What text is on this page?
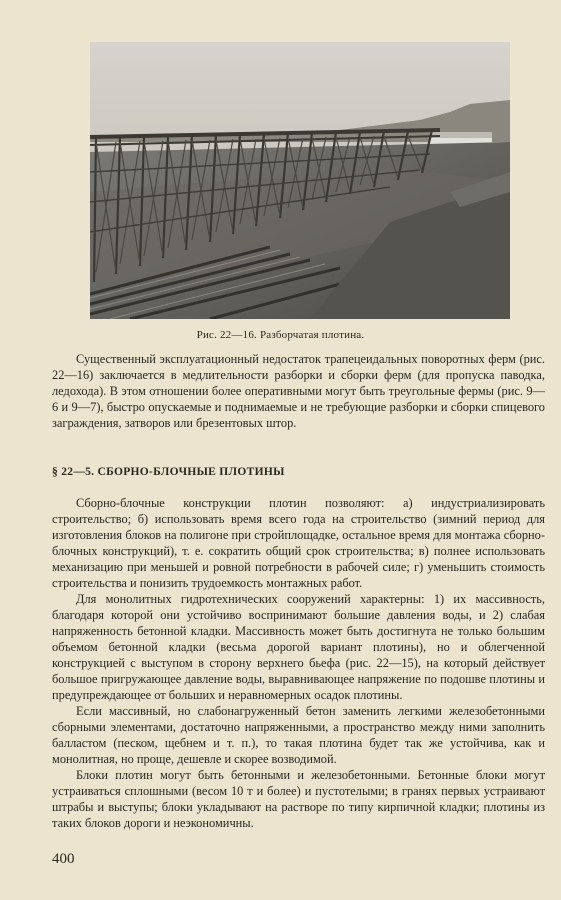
Рис. 22—16. Разборчатая плотина.

Существенный эксплуатационный недостаток трапецеидальных поворотных ферм (рис. 22—16) заключается в медлительности разборки и сборки ферм (для пропуска паводка, ледохода). В этом отношении более оперативными могут быть треугольные фермы (рис. 9—6 и 9—7), быстро опускаемые и поднимаемые и не требующие разборки и сборки спицевого заграждения, затворов или брезентовых штор.

§ 22—5. СБОРНО-БЛОЧНЫЕ ПЛОТИНЫ

Сборно-блочные конструкции плотин позволяют: а) индустриализировать строительство; б) использовать время всего года на строительство (зимний период для изготовления блоков на полигоне при стройплощадке, остальное время для монтажа сборно-блочных конструкций), т. е. сократить общий срок строительства; в) полнее использовать механизацию при меньшей и ровной потребности в рабочей силе; г) уменьшить стоимость строительства и понизить трудоемкость монтажных работ.

Для монолитных гидротехнических сооружений характерны: 1) их массивность, благодаря которой они устойчиво воспринимают большие давления воды, и 2) слабая напряженность бетонной кладки. Массивность может быть достигнута не только большим объемом бетонной кладки (весьма дорогой вариант плотины), но и облегченной конструкцией с выступом в сторону верхнего бьефа (рис. 22—15), на который действует большое пригружающее давление воды, выравнивающее напряжение по подошве плотины и предупреждающее от больших и неравномерных осадок плотины.

Если массивный, но слабонагруженный бетон заменить легкими железобетонными сборными элементами, достаточно напряженными, а пространство между ними заполнить балластом (песком, щебнем и т. п.), то такая плотина будет так же устойчива, как и монолитная, но проще, дешевле и скорее возводимой.

Блоки плотин могут быть бетонными и железобетонными. Бетонные блоки могут устраиваться сплошными (весом 10 т и более) и пустотелыми; в гранях первых устраивают штрабы и выступы; блоки укладывают на растворе по типу кирпичной кладки; плотины из таких блоков дороги и неэкономичны.

400
